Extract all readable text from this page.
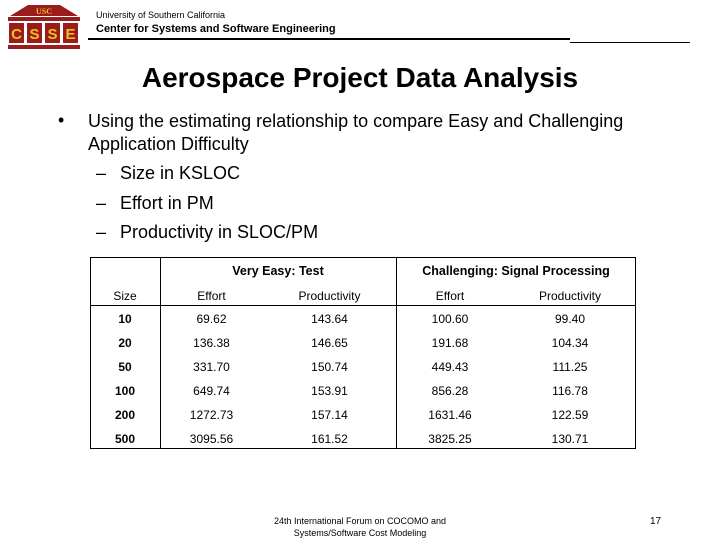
USC
C S S E
University of Southern California
Center for Systems and Software Engineering
Aerospace Project Data Analysis
• Using the estimating relationship to compare Easy and Challenging Application Difficulty
– Size in KSLOC
– Effort in PM
– Productivity in SLOC/PM
	Very Easy: Test		Challenging: Signal Processing	
Size	Effort	Productivity	Effort	Productivity
10	69.62	143.64	100.60	99.40
20	136.38	146.65	191.68	104.34
50	331.70	150.74	449.43	111.25
100	649.74	153.91	856.28	116.78
200	1272.73	157.14	1631.46	122.59
500	3095.56	161.52	3825.25	130.71
24th International Forum on COCOMO and
Systems/Software Cost Modeling
17
